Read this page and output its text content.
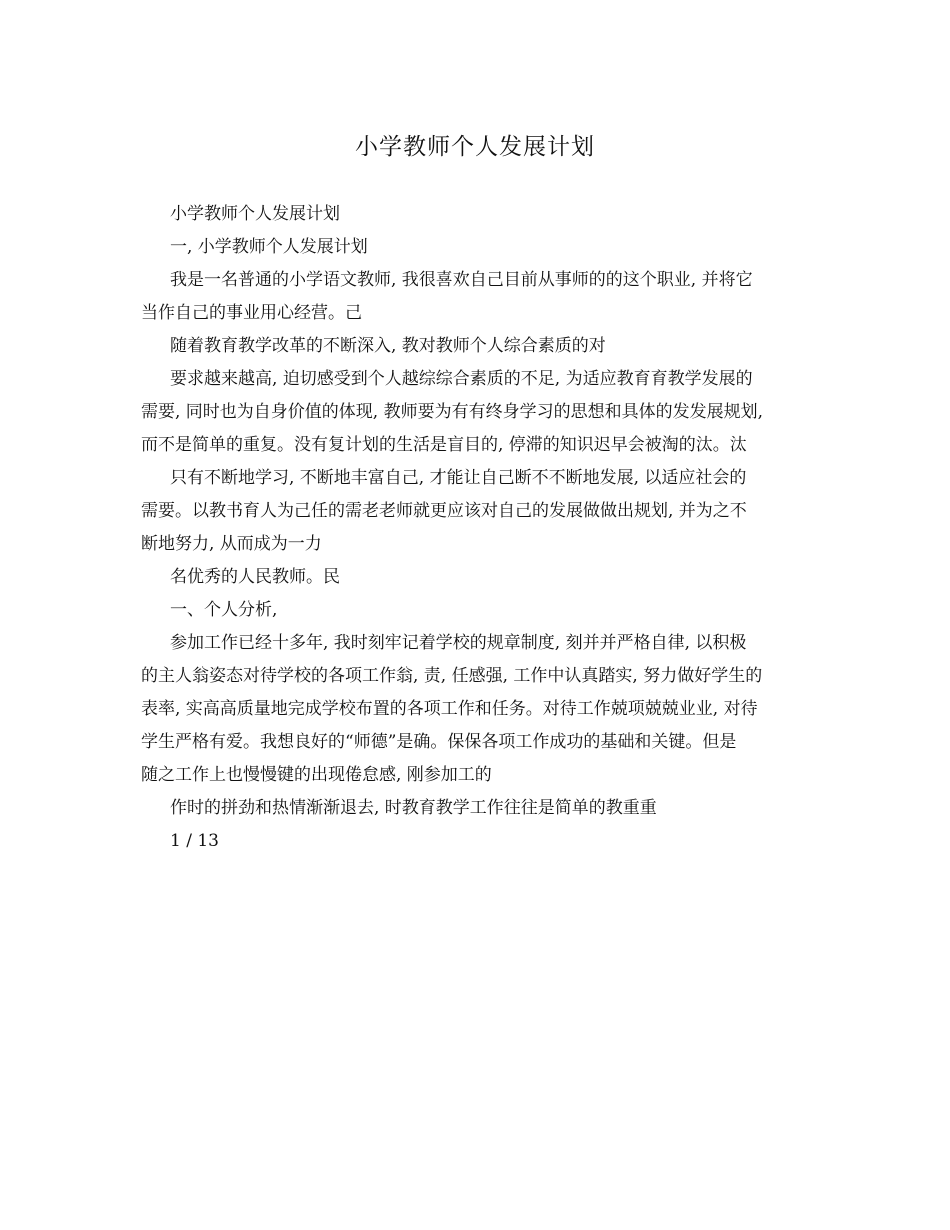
小学教师个人发展计划

小学教师个人发展计划

一, 小学教师个人发展计划

我是一名普通的小学语文教师, 我很喜欢自己目前从事师的的这个职业, 并将它
当作自己的事业用心经营。己

随着教育教学改革的不断深入, 教对教师个人综合素质的对

要求越来越高, 迫切感受到个人越综综合素质的不足, 为适应教育育教学发展的
需要, 同时也为自身价值的体现, 教师要为有有终身学习的思想和具体的发发展规划,
而不是简单的重复。没有复计划的生活是盲目的, 停滞的知识迟早会被淘的汰。汰

只有不断地学习, 不断地丰富自己, 才能让自己断不不断地发展, 以适应社会的
需要。以教书育人为己任的需老老师就更应该对自己的发展做做出规划, 并为之不
断地努力, 从而成为一力

名优秀的人民教师。民

一、个人分析,

参加工作已经十多年, 我时刻牢记着学校的规章制度, 刻并并严格自律, 以积极
的主人翁姿态对待学校的各项工作翁, 责, 任感强, 工作中认真踏实, 努力做好学生的
表率, 实高高质量地完成学校布置的各项工作和任务。对待工作兢项兢兢业业, 对待
学生严格有爱。我想良好的“师德”是确。保保各项工作成功的基础和关键。但是
随之工作上也慢慢键的出现倦怠感, 刚参加工的

作时的拼劲和热情渐渐退去, 时教育教学工作往往是简单的教重重

1 / 13
